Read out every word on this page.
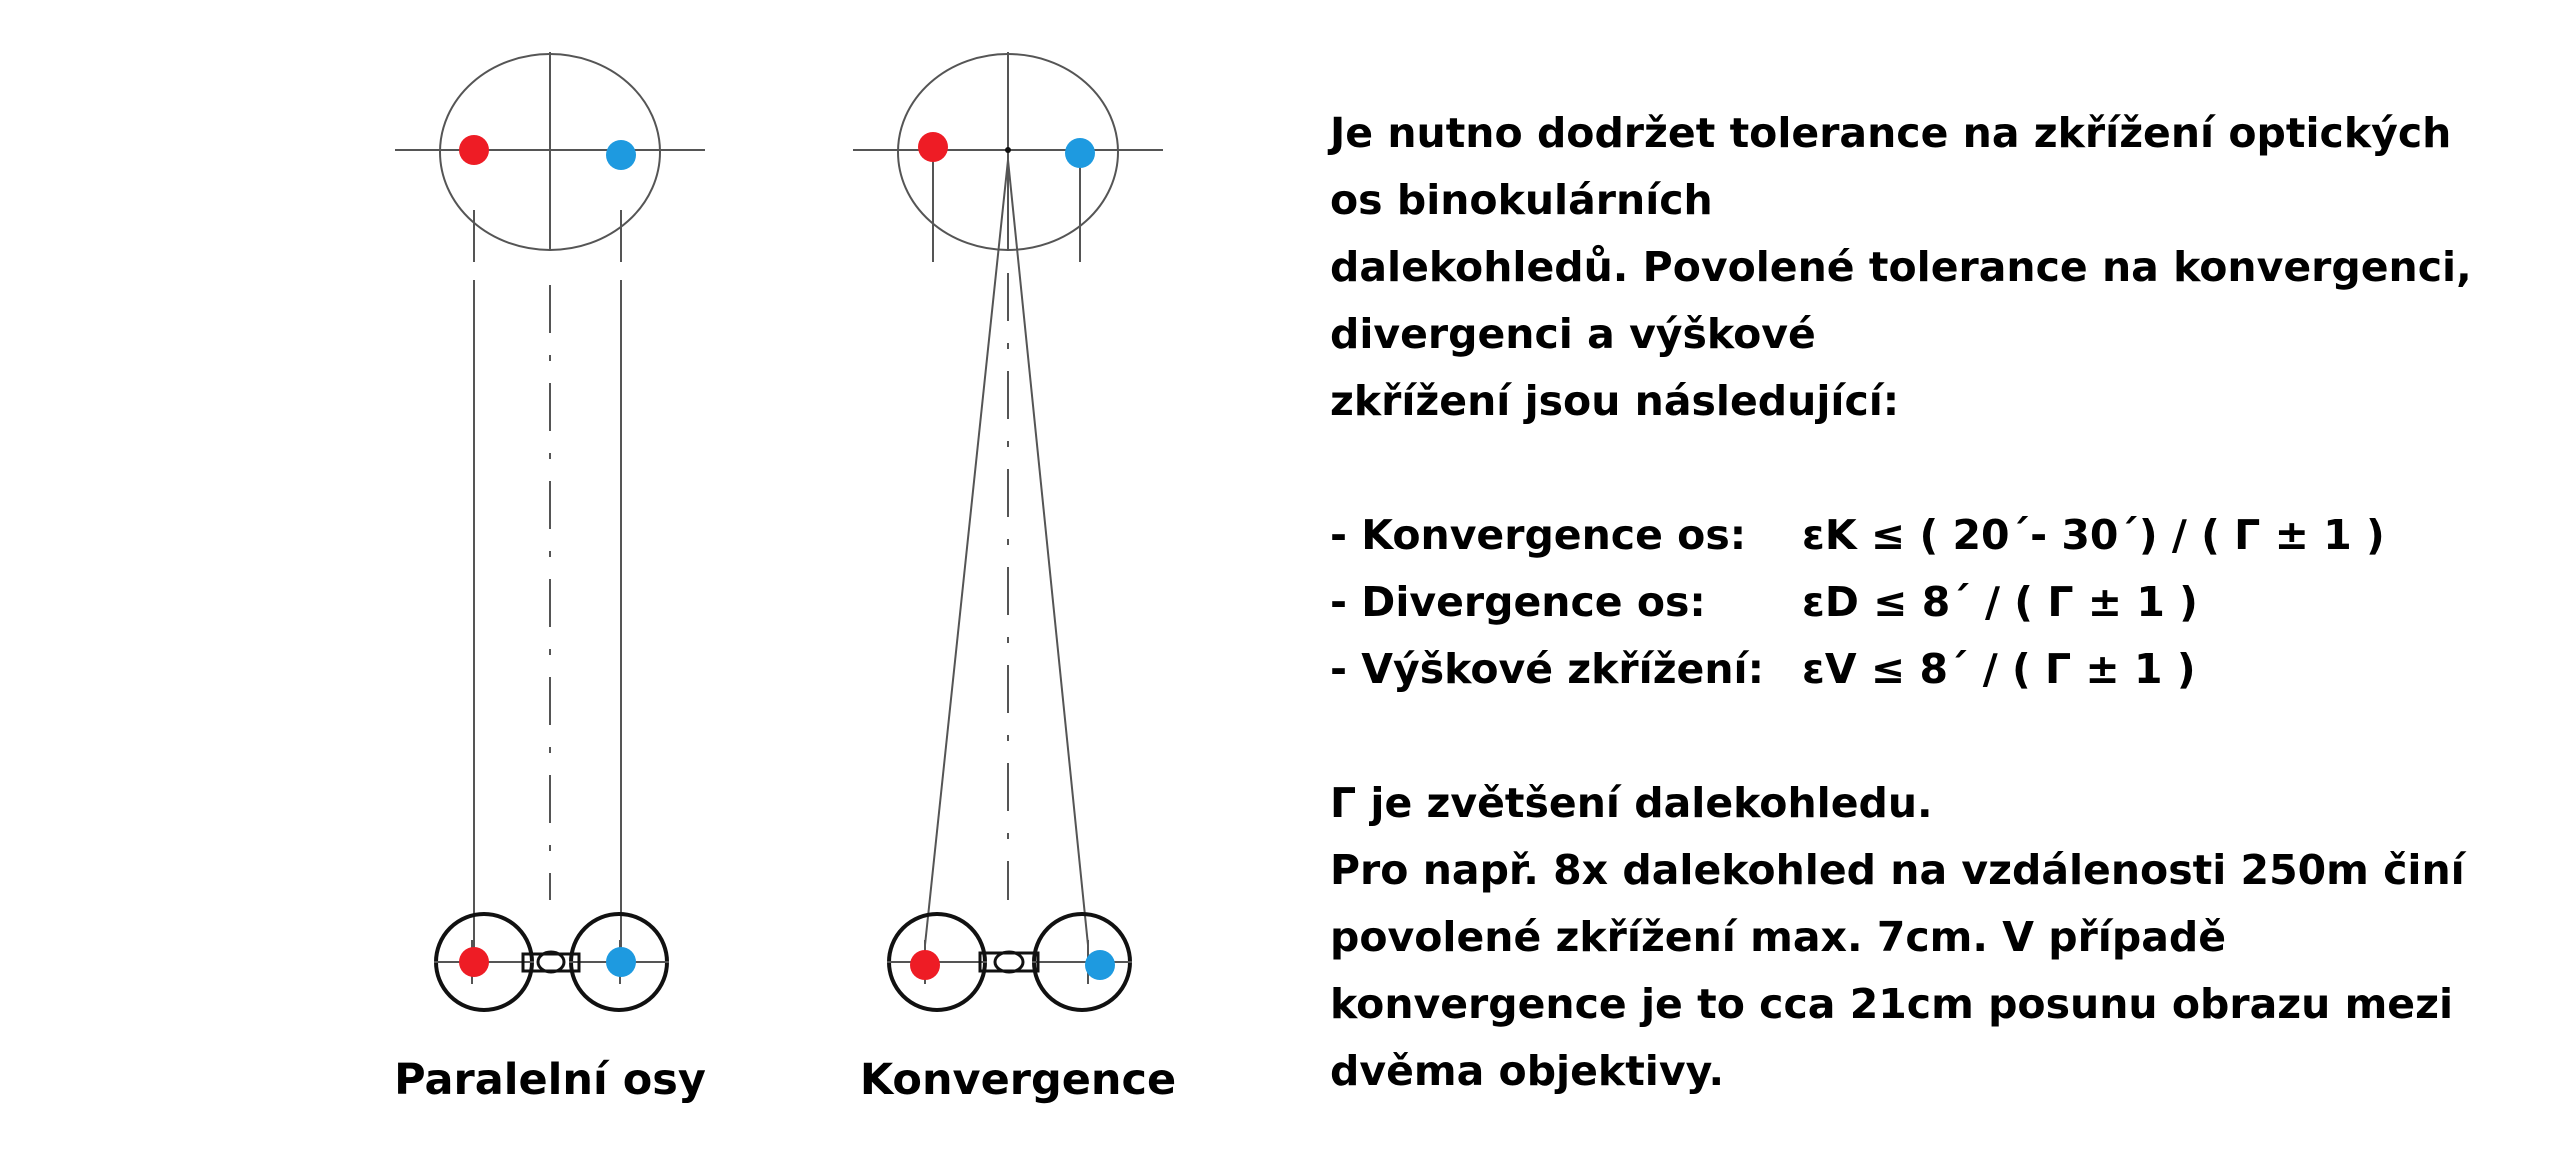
Paralelní osy	Konvergence
Je nutno dodržet tolerance na zkřížení optických
os binokulárních
dalekohledů. Povolené tolerance na konvergenci,
divergenci a výškové
zkřížení jsou následující:
- Konvergence os: εK ≤ ( 20´- 30´) / ( Γ ± 1 )
- Divergence os: εD ≤ 8´ / ( Γ ± 1 )
- Výškové zkřížení: εV ≤ 8´ / ( Γ ± 1 )
Γ je zvětšení dalekohledu.
Pro např. 8x dalekohled na vzdálenosti 250m činí
povolené zkřížení max. 7cm. V případě
konvergence je to cca 21cm posunu obrazu mezi
dvěma objektivy.
